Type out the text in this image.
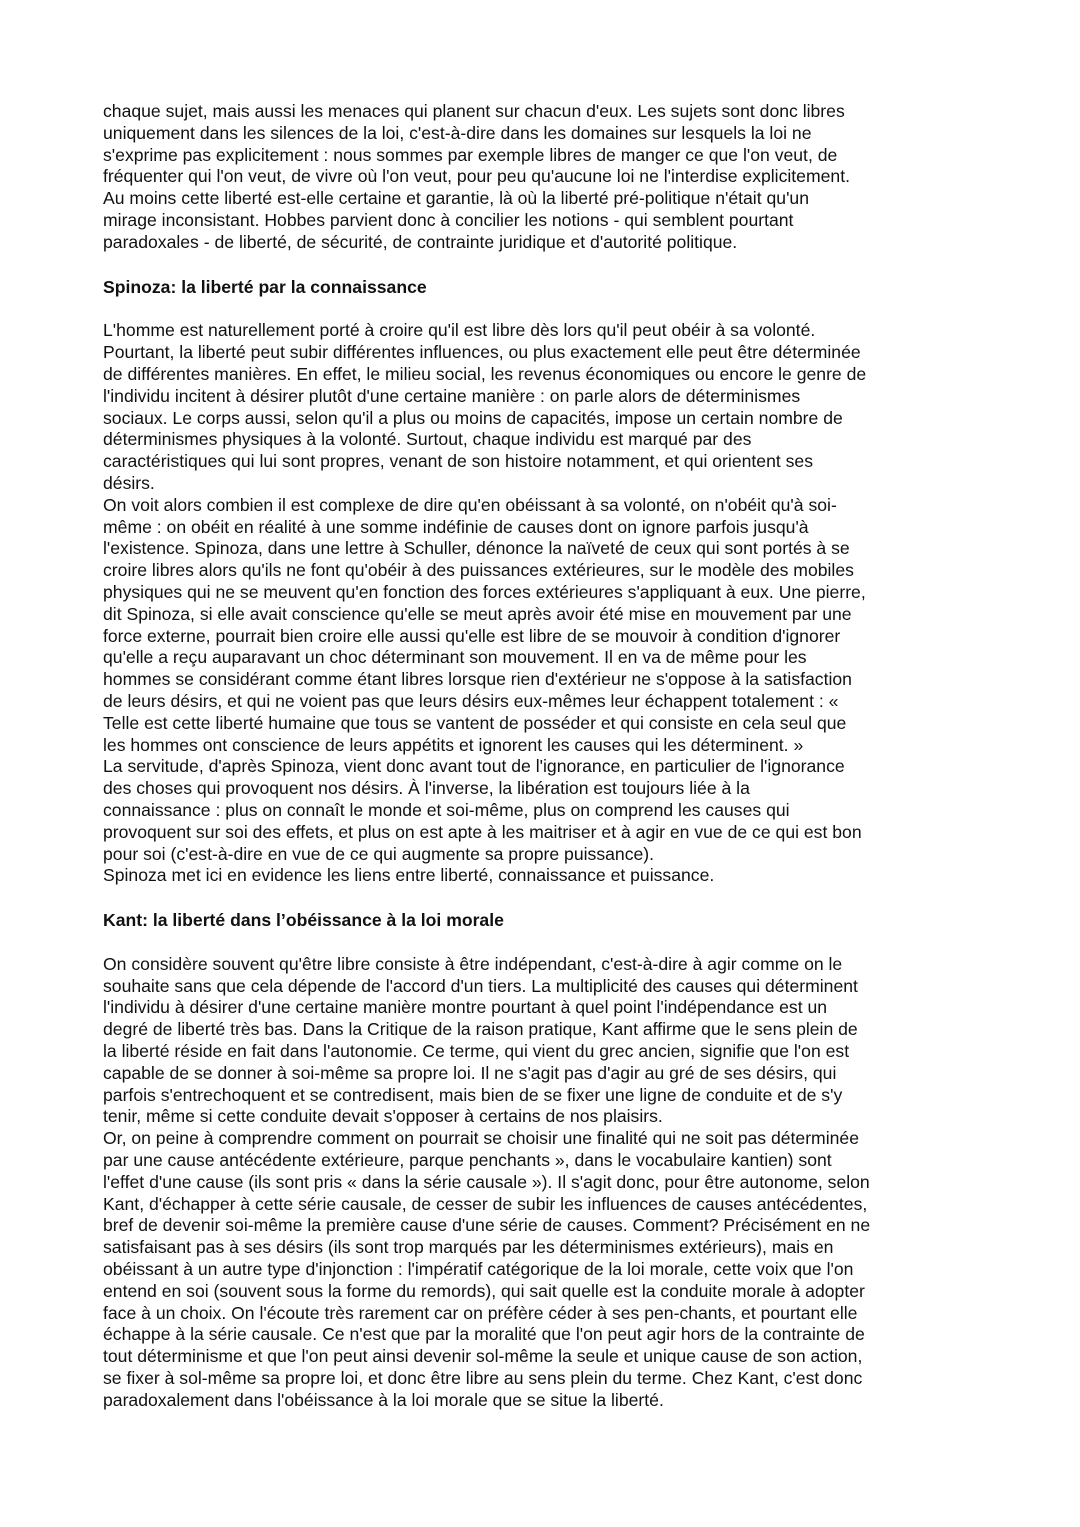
chaque sujet, mais aussi les menaces qui planent sur chacun d'eux. Les sujets sont donc libres
uniquement dans les silences de la loi, c'est-à-dire dans les domaines sur lesquels la loi ne
s'exprime pas explicitement : nous sommes par exemple libres de manger ce que l'on veut, de
fréquenter qui l'on veut, de vivre où l'on veut, pour peu qu'aucune loi ne l'interdise explicitement.
Au moins cette liberté est-elle certaine et garantie, là où la liberté pré-politique n'était qu'un
mirage inconsistant. Hobbes parvient donc à concilier les notions - qui semblent pourtant
paradoxales - de liberté, de sécurité, de contrainte juridique et d'autorité politique.
Spinoza: la liberté par la connaissance
L'homme est naturellement porté à croire qu'il est libre dès lors qu'il peut obéir à sa volonté.
Pourtant, la liberté peut subir différentes influences, ou plus exactement elle peut être déterminée
de différentes manières. En effet, le milieu social, les revenus économiques ou encore le genre de
l'individu incitent à désirer plutôt d'une certaine manière : on parle alors de déterminismes
sociaux. Le corps aussi, selon qu'il a plus ou moins de capacités, impose un certain nombre de
déterminismes physiques à la volonté. Surtout, chaque individu est marqué par des
caractéristiques qui lui sont propres, venant de son histoire notamment, et qui orientent ses
désirs.
On voit alors combien il est complexe de dire qu'en obéissant à sa volonté, on n'obéit qu'à soi-
même : on obéit en réalité à une somme indéfinie de causes dont on ignore parfois jusqu'à
l'existence. Spinoza, dans une lettre à Schuller, dénonce la naïveté de ceux qui sont portés à se
croire libres alors qu'ils ne font qu'obéir à des puissances extérieures, sur le modèle des mobiles
physiques qui ne se meuvent qu'en fonction des forces extérieures s'appliquant à eux. Une pierre,
dit Spinoza, si elle avait conscience qu'elle se meut après avoir été mise en mouvement par une
force externe, pourrait bien croire elle aussi qu'elle est libre de se mouvoir à condition d'ignorer
qu'elle a reçu auparavant un choc déterminant son mouvement. Il en va de même pour les
hommes se considérant comme étant libres lorsque rien d'extérieur ne s'oppose à la satisfaction
de leurs désirs, et qui ne voient pas que leurs désirs eux-mêmes leur échappent totalement : «
Telle est cette liberté humaine que tous se vantent de posséder et qui consiste en cela seul que
les hommes ont conscience de leurs appétits et ignorent les causes qui les déterminent. »
La servitude, d'après Spinoza, vient donc avant tout de l'ignorance, en particulier de l'ignorance
des choses qui provoquent nos désirs. À l'inverse, la libération est toujours liée à la
connaissance : plus on connaît le monde et soi-même, plus on comprend les causes qui
provoquent sur soi des effets, et plus on est apte à les maitriser et à agir en vue de ce qui est bon
pour soi (c'est-à-dire en vue de ce qui augmente sa propre puissance).
Spinoza met ici en evidence les liens entre liberté, connaissance et puissance.
Kant: la liberté dans l’obéissance à la loi morale
On considère souvent qu'être libre consiste à être indépendant, c'est-à-dire à agir comme on le
souhaite sans que cela dépende de l'accord d'un tiers. La multiplicité des causes qui déterminent
l'individu à désirer d'une certaine manière montre pourtant à quel point l'indépendance est un
degré de liberté très bas. Dans la Critique de la raison pratique, Kant affirme que le sens plein de
la liberté réside en fait dans l'autonomie. Ce terme, qui vient du grec ancien, signifie que l'on est
capable de se donner à soi-même sa propre loi. Il ne s'agit pas d'agir au gré de ses désirs, qui
parfois s'entrechoquent et se contredisent, mais bien de se fixer une ligne de conduite et de s'y
tenir, même si cette conduite devait s'opposer à certains de nos plaisirs.
Or, on peine à comprendre comment on pourrait se choisir une finalité qui ne soit pas déterminée
par une cause antécédente extérieure, parque penchants », dans le vocabulaire kantien) sont
l'effet d'une cause (ils sont pris « dans la série causale »). Il s'agit donc, pour être autonome, selon
Kant, d'échapper à cette série causale, de cesser de subir les influences de causes antécédentes,
bref de devenir soi-même la première cause d'une série de causes. Comment? Précisément en ne
satisfaisant pas à ses désirs (ils sont trop marqués par les déterminismes extérieurs), mais en
obéissant à un autre type d'injonction : l'impératif catégorique de la loi morale, cette voix que l'on
entend en soi (souvent sous la forme du remords), qui sait quelle est la conduite morale à adopter
face à un choix. On l'écoute très rarement car on préfère céder à ses pen-chants, et pourtant elle
échappe à la série causale. Ce n'est que par la moralité que l'on peut agir hors de la contrainte de
tout déterminisme et que l'on peut ainsi devenir sol-même la seule et unique cause de son action,
se fixer à sol-même sa propre loi, et donc être libre au sens plein du terme. Chez Kant, c'est donc
paradoxalement dans l'obéissance à la loi morale que se situe la liberté.
